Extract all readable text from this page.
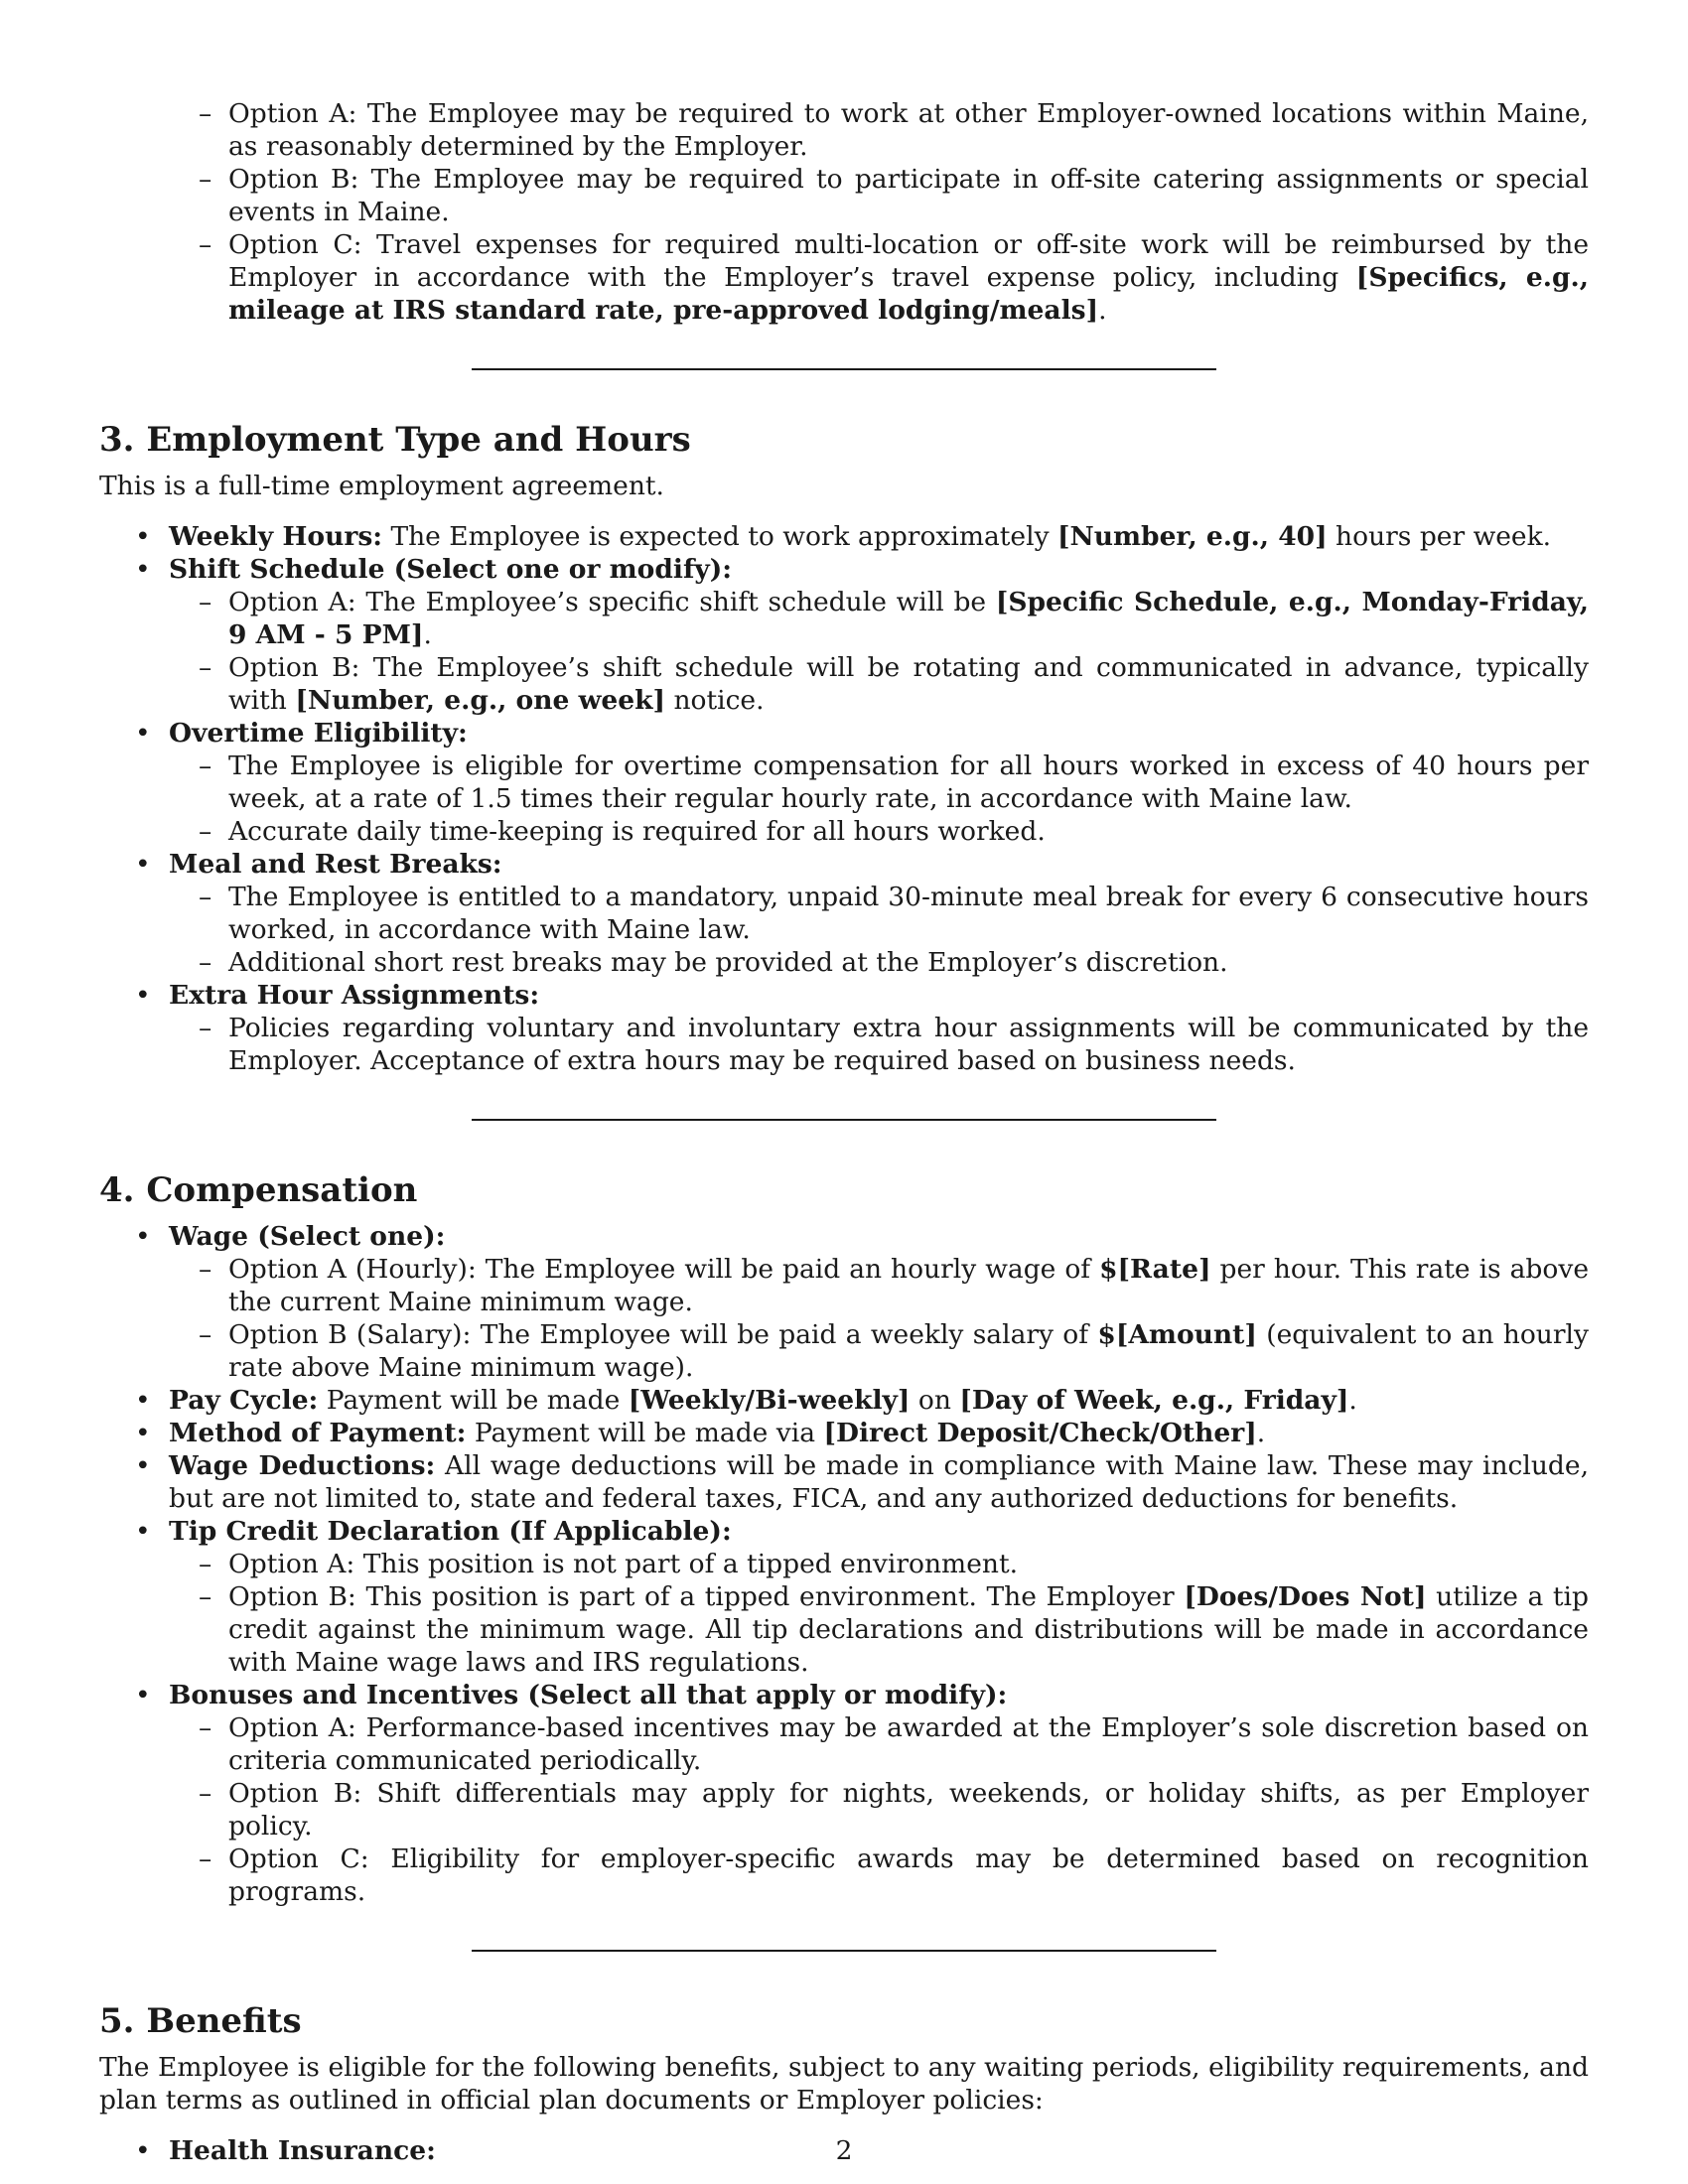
– Option A: The Employee may be required to work at other Employer-owned locations within Maine, as reasonably determined by the Employer.
– Option B: The Employee may be required to participate in off-site catering assignments or special events in Maine.
– Option C: Travel expenses for required multi-location or off-site work will be reimbursed by the Employer in accordance with the Employer’s travel expense policy, including [Specifics, e.g., mileage at IRS standard rate, pre-approved lodging/meals].
3. Employment Type and Hours

This is a full-time employment agreement.

• Weekly Hours: The Employee is expected to work approximately [Number, e.g., 40] hours per week.
• Shift Schedule (Select one or modify):
– Option A: The Employee’s specific shift schedule will be [Specific Schedule, e.g., Monday-Friday, 9 AM - 5 PM].
– Option B: The Employee’s shift schedule will be rotating and communicated in advance, typically with [Number, e.g., one week] notice.
• Overtime Eligibility:
– The Employee is eligible for overtime compensation for all hours worked in excess of 40 hours per week, at a rate of 1.5 times their regular hourly rate, in accordance with Maine law.
– Accurate daily time-keeping is required for all hours worked.
• Meal and Rest Breaks:
– The Employee is entitled to a mandatory, unpaid 30-minute meal break for every 6 consecutive hours worked, in accordance with Maine law.
– Additional short rest breaks may be provided at the Employer’s discretion.
• Extra Hour Assignments:
– Policies regarding voluntary and involuntary extra hour assignments will be communicated by the Employer. Acceptance of extra hours may be required based on business needs.
4. Compensation
• Wage (Select one):
– Option A (Hourly): The Employee will be paid an hourly wage of $[Rate] per hour. This rate is above the current Maine minimum wage.
– Option B (Salary): The Employee will be paid a weekly salary of $[Amount] (equivalent to an hourly rate above Maine minimum wage).
• Pay Cycle: Payment will be made [Weekly/Bi-weekly] on [Day of Week, e.g., Friday].
• Method of Payment: Payment will be made via [Direct Deposit/Check/Other].
• Wage Deductions: All wage deductions will be made in compliance with Maine law. These may include, but are not limited to, state and federal taxes, FICA, and any authorized deductions for benefits.
• Tip Credit Declaration (If Applicable):
– Option A: This position is not part of a tipped environment.
– Option B: This position is part of a tipped environment. The Employer [Does/Does Not] utilize a tip credit against the minimum wage. All tip declarations and distributions will be made in accordance with Maine wage laws and IRS regulations.
• Bonuses and Incentives (Select all that apply or modify):
– Option A: Performance-based incentives may be awarded at the Employer’s sole discretion based on criteria communicated periodically.
– Option B: Shift differentials may apply for nights, weekends, or holiday shifts, as per Employer policy.
– Option C: Eligibility for employer-specific awards may be determined based on recognition programs.
5. Benefits

The Employee is eligible for the following benefits, subject to any waiting periods, eligibility requirements, and plan terms as outlined in official plan documents or Employer policies:

• Health Insurance:	2
